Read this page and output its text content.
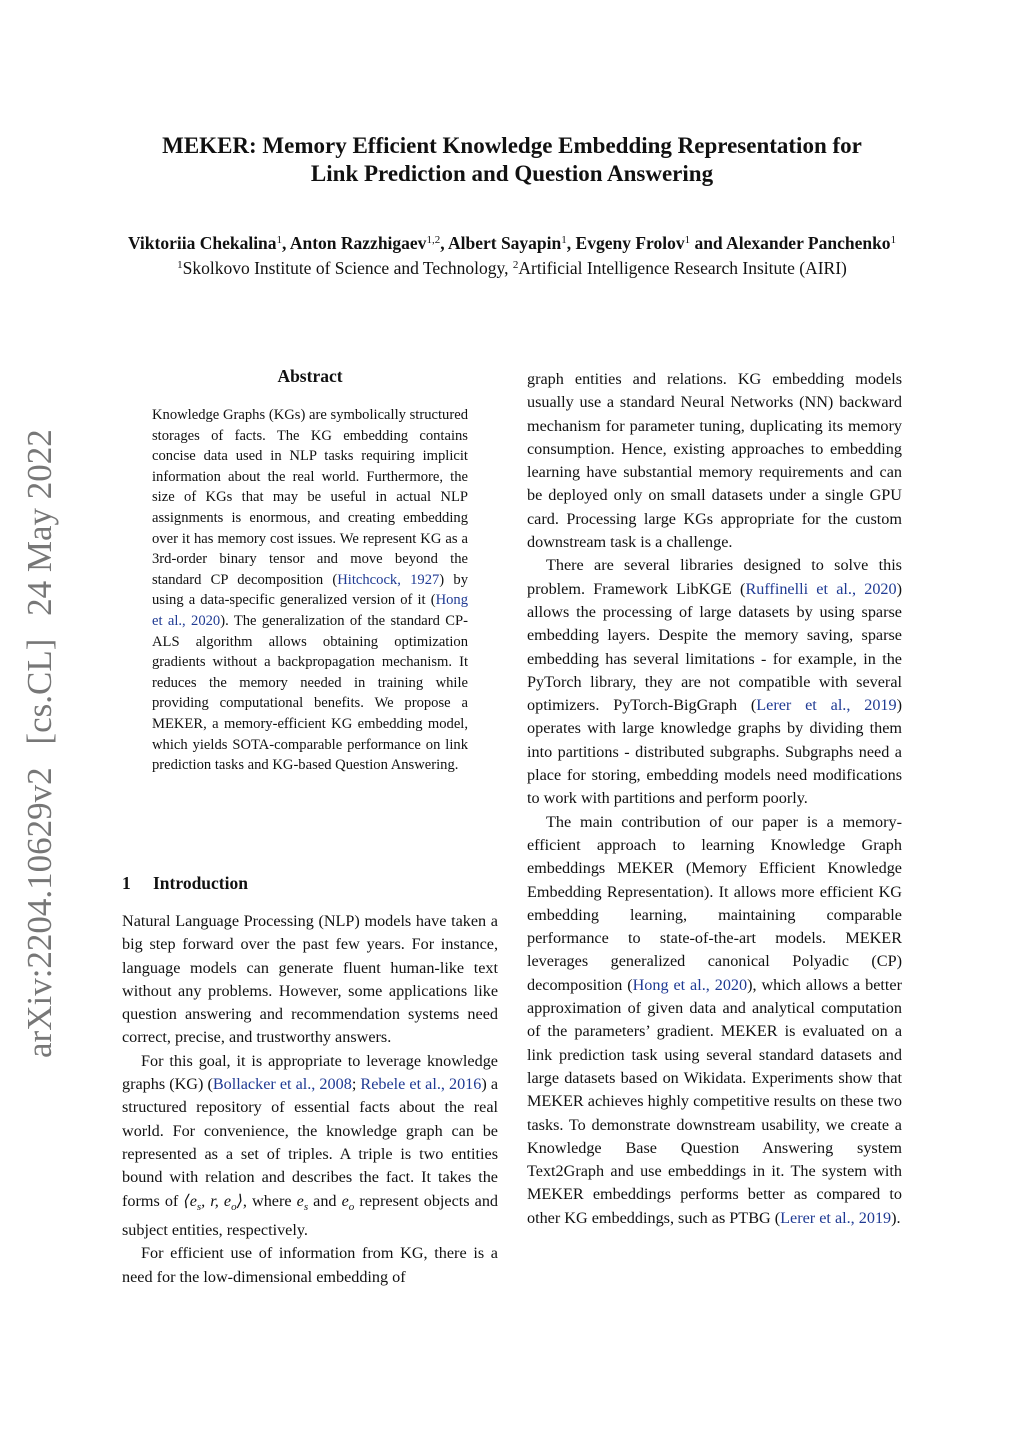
MEKER: Memory Efficient Knowledge Embedding Representation for
Link Prediction and Question Answering
Viktoriia Chekalina$^1$, Anton Razzhigaev$^{1,2}$, Albert Sayapin$^1$, Evgeny Frolov$^1$ and Alexander Panchenko$^1$
$^1$Skolkovo Institute of Science and Technology, $^2$Artificial Intelligence Research Insitute (AIRI)
arXiv:2204.10629v2 [cs.CL] 24 May 2022
Abstract
Knowledge Graphs (KGs) are symbolically structured storages of facts. The KG embedding contains concise data used in NLP tasks requiring implicit information about the real world. Furthermore, the size of KGs that may be useful in actual NLP assignments is enormous, and creating embedding over it has memory cost issues. We represent KG as a 3rd-order binary tensor and move beyond the standard CP decomposition (Hitchcock, 1927) by using a data-specific generalized version of it (Hong et al., 2020). The generalization of the standard CP-ALS algorithm allows obtaining optimization gradients without a backpropagation mechanism. It reduces the memory needed in training while providing computational benefits. We propose a MEKER, a memory-efficient KG embedding model, which yields SOTA-comparable performance on link prediction tasks and KG-based Question Answering.
1 Introduction

Natural Language Processing (NLP) models have taken a big step forward over the past few years. For instance, language models can generate fluent human-like text without any problems. However, some applications like question answering and recommendation systems need correct, precise, and trustworthy answers.

For this goal, it is appropriate to leverage knowledge graphs (KG) (Bollacker et al., 2008; Rebele et al., 2016) a structured repository of essential facts about the real world. For convenience, the knowledge graph can be represented as a set of triples. A triple is two entities bound with relation and describes the fact. It takes the forms of $⟨e_s$, r, $e_o⟩$, where $e_s$ and $e_o$ represent objects and subject entities, respectively.

For efficient use of information from KG, there is a need for the low-dimensional embedding of

graph entities and relations. KG embedding models usually use a standard Neural Networks (NN) backward mechanism for parameter tuning, duplicating its memory consumption. Hence, existing approaches to embedding learning have substantial memory requirements and can be deployed only on small datasets under a single GPU card. Processing large KGs appropriate for the custom downstream task is a challenge.

There are several libraries designed to solve this problem. Framework LibKGE (Ruffinelli et al., 2020) allows the processing of large datasets by using sparse embedding layers. Despite the memory saving, sparse embedding has several limitations - for example, in the PyTorch library, they are not compatible with several optimizers. PyTorch-BigGraph (Lerer et al., 2019) operates with large knowledge graphs by dividing them into partitions - distributed subgraphs. Subgraphs need a place for storing, embedding models need modifications to work with partitions and perform poorly.

The main contribution of our paper is a memory-efficient approach to learning Knowledge Graph embeddings MEKER (Memory Efficient Knowledge Embedding Representation). It allows more efficient KG embedding learning, maintaining comparable performance to state-of-the-art models. MEKER leverages generalized canonical Polyadic (CP) decomposition (Hong et al., 2020), which allows a better approximation of given data and analytical computation of the parameters’ gradient. MEKER is evaluated on a link prediction task using several standard datasets and large datasets based on Wikidata. Experiments show that MEKER achieves highly competitive results on these two tasks. To demonstrate downstream usability, we create a Knowledge Base Question Answering system Text2Graph and use embeddings in it. The system with MEKER embeddings performs better as compared to other KG embeddings, such as PTBG (Lerer et al., 2019).
